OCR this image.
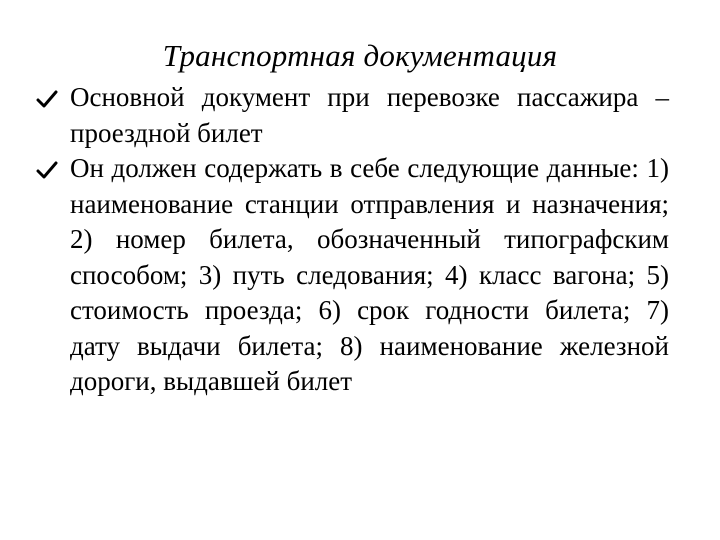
Транспортная документация
Основной документ при перевозке пассажира – проездной билет
Он должен содержать в себе следующие данные: 1) наименование станции отправления и назначения; 2) номер билета, обозначенный типографским способом; 3) путь следования; 4) класс вагона; 5) стоимость проезда; 6) срок годности билета; 7) дату выдачи билета; 8) наименование железной дороги, выдавшей билет
